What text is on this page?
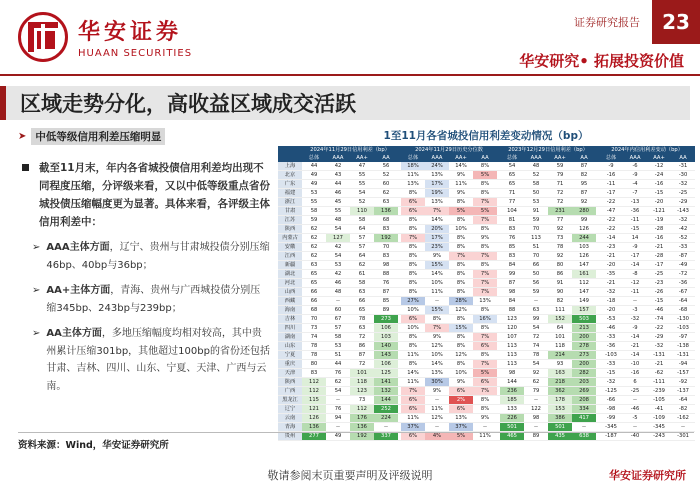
华安证券
HUAAN SECURITIES
证券研究报告	23
华安研究• 拓展投资价值
区域走势分化，高收益区域成交活跃
➤ 中低等级信用利差压缩明显
截至11月末，年内各省城投债信用利差均出现不同程度压缩，分评级来看，又以中低等级重点省份城投债压缩幅度更为显著。具体来看，各评级主体信用利差中：
➢ AAA主体方面，辽宁、贵州与甘肃城投债分别压缩46bp、40bp与36bp；
➢ AA+主体方面，青海、贵州与广西城投债分别压缩345bp、243bp与239bp；
➢ AA主体方面，多地压缩幅度均相对较高，其中贵州累计压缩301bp，其他超过100bp的省份还包括甘肃、吉林、四川、山东、宁夏、天津、广西与云南。
1至11月各省城投信用利差变动情况（bp）
	2024年11月29日信用利差（bp）					2024年11月29日历史分位数					2023年12月29日信用利差（bp）					2024年内信用利差变动（bp）			
	总体	AAA	AA+	AA		总体	AAA	AA+	AA		总体	AAA	AA+	AA		总体	AAA	AA+	AA
上海	44	42	47	56		18%	24%	14%	8%		54	48	59	87		-9	-6	-12	-31
北京	49	43	55	52		11%	13%	9%	5%		65	52	79	82		-16	-9	-24	-30
广东	49	44	55	60		13%	17%	11%	8%		65	58	71	95		-11	-4	-16	-32
福建	53	46	54	62		8%	19%	9%	8%		71	50	72	87		-17	-7	-15	-25
浙江	55	45	52	63		6%	13%	8%	7%		77	53	72	92		-22	-13	-20	-29
甘肃	58	55	110	136		6%	7%	5%	5%		104	91	231	280		-47	-36	-121	-143
江苏	59	48	58	68		8%	14%	8%	7%		81	59	77	99		-22	-11	-19	-32
陕西	62	54	64	83		8%	20%	10%	8%		83	70	92	126		-22	-15	-28	-42
内蒙古	62	127	57	192		7%	17%	8%	9%		76	113	73	244		-14	14	-16	-52
安徽	62	42	57	70		8%	23%	8%	8%		85	51	78	103		-23	-9	-21	-33
江西	62	54	64	83		8%	9%	7%	7%		83	70	92	126		-21	-17	-28	-87
新疆	63	53	62	98		8%	15%	8%	8%		84	66	80	147		-20	-14	-17	-49
湖北	65	42	61	88		8%	14%	8%	7%		99	50	86	161		-35	-8	-25	-72
河北	65	46	58	76		8%	10%	8%	7%		87	56	91	112		-21	-12	-23	-36
山西	66	48	63	87		8%	11%	8%	7%		98	59	90	147		-32	-11	-26	-67
西藏	66	--	66	85		27%	--	28%	13%		84	--	82	149		-18	--	-15	-64
海南	68	60	65	89		10%	15%	12%	8%		88	63	111	157		-20	-3	-46	-68
吉林	70	67	78	273		6%	8%	8%	16%		123	99	152	503		-53	-32	-74	-130
四川	73	57	63	106		10%	7%	15%	8%		120	54	64	213		-46	-9	-22	-103
湖南	74	58	72	103		8%	9%	8%	7%		107	72	101	200		-33	-14	-29	-97
山东	78	53	86	140		8%	12%	8%	6%		113	74	118	278		-36	-21	-32	-138
宁夏	78	51	87	143		11%	10%	12%	8%		113	78	214	273		-103	-14	-131	-131
重庆	80	44	72	106		8%	14%	8%	7%		113	54	93	200		-33	-10	-21	-94
天津	83	76	101	125		14%	13%	10%	5%		98	92	163	282		-15	-16	-62	-157
陕西	112	62	118	141		11%	30%	9%	6%		144	62	218	203		-32	6	-111	-92
广西	112	54	123	132		7%	9%	6%	7%		236	79	362	269		-125	-25	-239	-137
黑龙江	115	--	73	144		6%	--	2%	8%		185	--	178	208		-66	--	-105	-64
辽宁	121	76	112	252		6%	11%	6%	8%		133	122	153	334		-98	-46	-41	-82
云南	126	94	176	224		11%	12%	13%	9%		226	98	386	417		-99	-5	-109	-162
青海	136	--	136	--		37%	--	37%	--		501	--	501	--		-345	--	-345	--
贵州	277	49	192	337		6%	4%	5%	11%		465	89	435	638		-187	-40	-243	-301
资料来源：Wind，华安证券研究所
敬请参阅末页重要声明及评级说明	华安证券研究所
